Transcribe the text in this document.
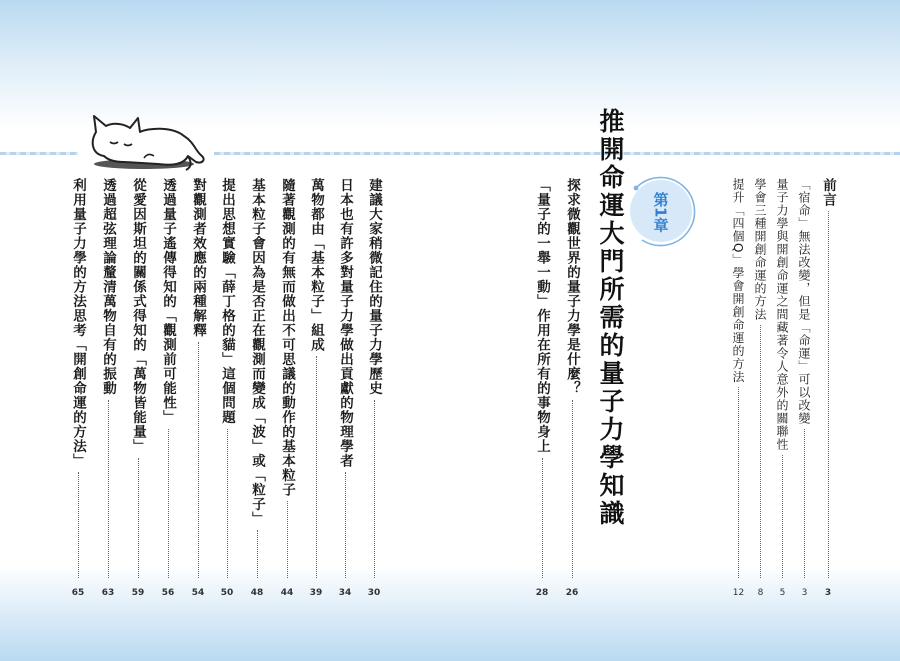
前言
3
「宿命」無法改變，但是「命運」可以改變
3
量子力學與開創命運之間藏著令人意外的關聯性
5
學會三種開創命運的方法
8
提升「四個Q」學會開創命運的方法
12
第1章
推開命運大門所需的量子力學知識
探求微觀世界的量子力學是什麼？
26
「量子的一舉一動」作用在所有的事物身上
28
建議大家稍微記住的量子力學歷史
30
日本也有許多對量子力學做出貢獻的物理學者
34
萬物都由「基本粒子」組成
39
隨著觀測的有無而做出不可思議的動作的基本粒子
44
基本粒子會因為是否正在觀測而變成「波」或「粒子」
48
提出思想實驗「薛丁格的貓」這個問題
50
對觀測者效應的兩種解釋
54
透過量子遙傳得知的「觀測前可能性」
56
從愛因斯坦的關係式得知的「萬物皆能量」
59
透過超弦理論釐清萬物自有的振動
63
利用量子力學的方法思考「開創命運的方法」
65
